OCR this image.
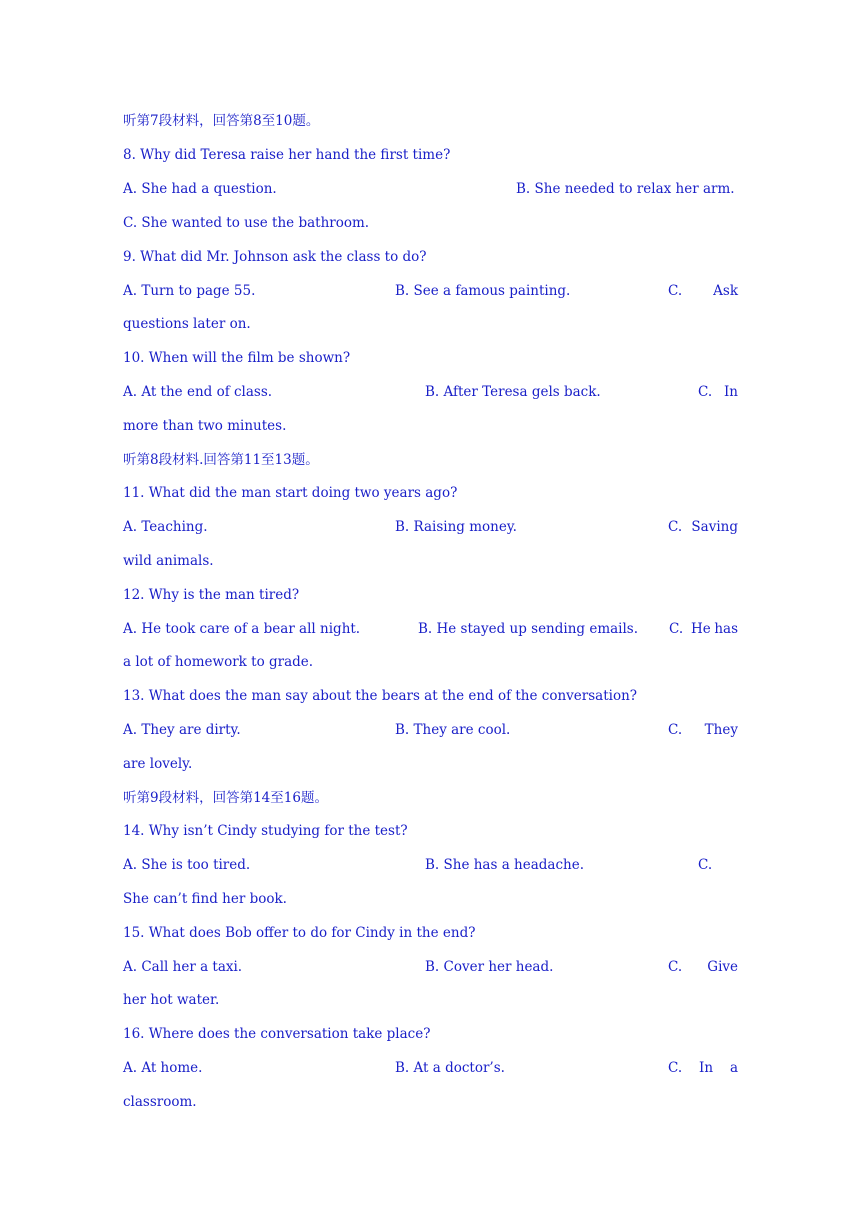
听第7段材料，回答第8至10题。
8. Why did Teresa raise her hand the first time?

A. She had a question.

	B. She needed to relax her arm.

C. She wanted to use the bathroom.
9. What did Mr. Johnson ask the class to do?

A. Turn to page 55.

	B. See a famous painting.

	C.

Ask

questions later on.
10. When will the film be shown?

A. At the end of class.

	B. After Teresa gels back.

	C.

In

more than two minutes.
听第8段材料.回答第11至13题。
11. What did the man start doing two years ago?

A. Teaching.

	B. Raising money.

	C.

Saving

wild animals.
12. Why is the man tired?

A. He took care of a bear all night.

	B. He stayed up sending emails.

C.

He

has

a lot of homework to grade.
13. What does the man say about the bears at the end of the conversation?

A. They are dirty.

	B. They are cool.

	C.

They

are lovely.
听第9段材料，回答第14至16题。
14. Why isn’t Cindy studying for the test?

A. She is too tired.

	B. She has a headache.

	C.

She can’t find her book.
15. What does Bob offer to do for Cindy in the end?

A. Call her a taxi.

	B. Cover her head.

	C.

Give

her hot water.
16. Where does the conversation take place?

A. At home.

	B. At a doctor’s.

	C.

In

a

classroom.
